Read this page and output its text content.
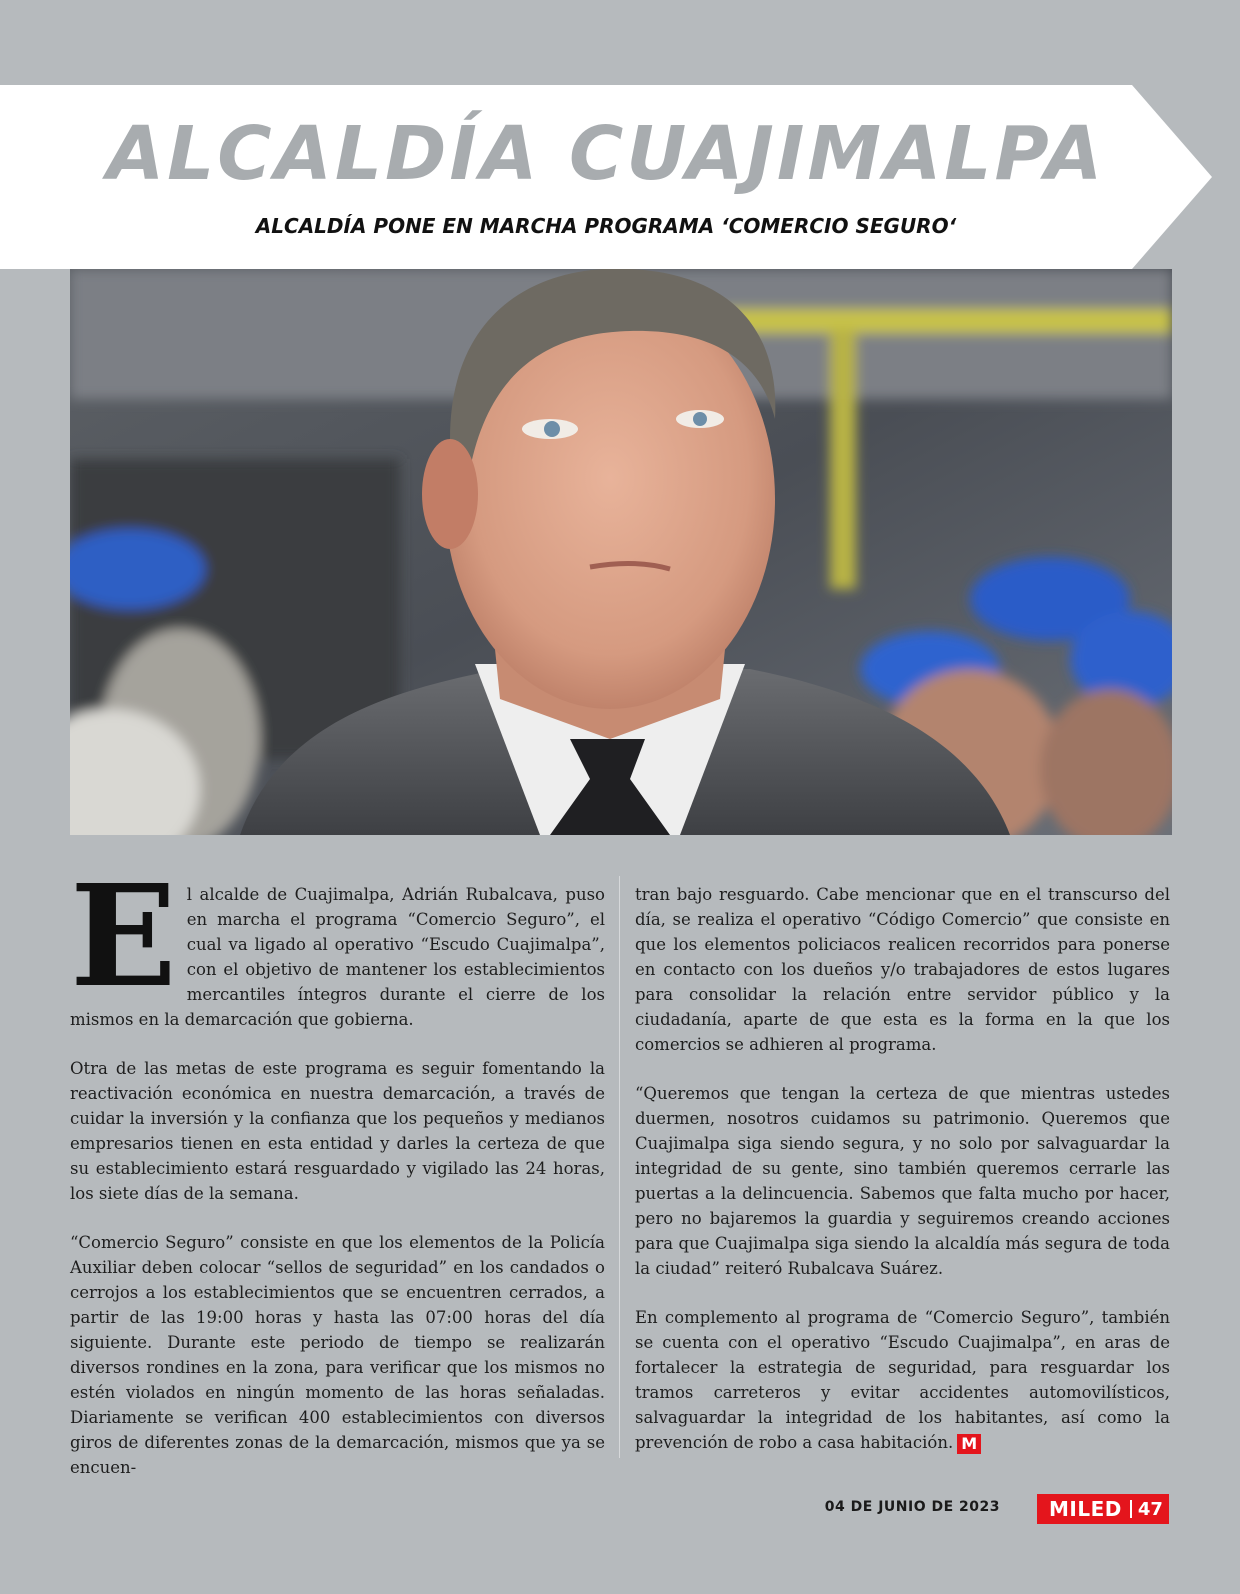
ALCALDÍA CUAJIMALPA
ALCALDÍA PONE EN MARCHA PROGRAMA ‘COMERCIO SEGURO‘

El alcalde de Cuajimalpa, Adrián Rubalcava, puso en marcha el programa “Comercio Seguro”, el cual va ligado al operativo “Escudo Cuajimalpa”, con el objetivo de mantener los establecimientos mercantiles íntegros durante el cierre de los mismos en la demarcación que gobierna.

Otra de las metas de este programa es seguir fomentando la reactivación económica en nuestra demarcación, a través de cuidar la inversión y la confianza que los pequeños y medianos empresarios tienen en esta entidad y darles la certeza de que su establecimiento estará resguardado y vigilado las 24 horas, los siete días de la semana.

“Comercio Seguro” consiste en que los elementos de la Policía Auxiliar deben colocar “sellos de seguridad” en los candados o cerrojos a los establecimientos que se encuentren cerrados, a partir de las 19:00 horas y hasta las 07:00 horas del día siguiente. Durante este periodo de tiempo se realizarán diversos rondines en la zona, para verificar que los mismos no estén violados en ningún momento de las horas señaladas. Diariamente se verifican 400 establecimientos con diversos giros de diferentes zonas de la demarcación, mismos que ya se encuen-

tran bajo resguardo. Cabe mencionar que en el transcurso del día, se realiza el operativo “Código Comercio” que consiste en que los elementos policiacos realicen recorridos para ponerse en contacto con los dueños y/o trabajadores de estos lugares para consolidar la relación entre servidor público y la ciudadanía, aparte de que esta es la forma en la que los comercios se adhieren al programa.

“Queremos que tengan la certeza de que mientras ustedes duermen, nosotros cuidamos su patrimonio. Queremos que Cuajimalpa siga siendo segura, y no solo por salvaguardar la integridad de su gente, sino también queremos cerrarle las puertas a la delincuencia. Sabemos que falta mucho por hacer, pero no bajaremos la guardia y seguiremos creando acciones para que Cuajimalpa siga siendo la alcaldía más segura de toda la ciudad” reiteró Rubalcava Suárez.

En complemento al programa de “Comercio Seguro”, también se cuenta con el operativo “Escudo Cuajimalpa”, en aras de fortalecer la estrategia de seguridad, para resguardar los tramos carreteros y evitar accidentes automovilísticos, salvaguardar la integridad de los habitantes, así como la prevención de robo a casa habitación. M

04 DE JUNIO DE 2023	MILED 47
